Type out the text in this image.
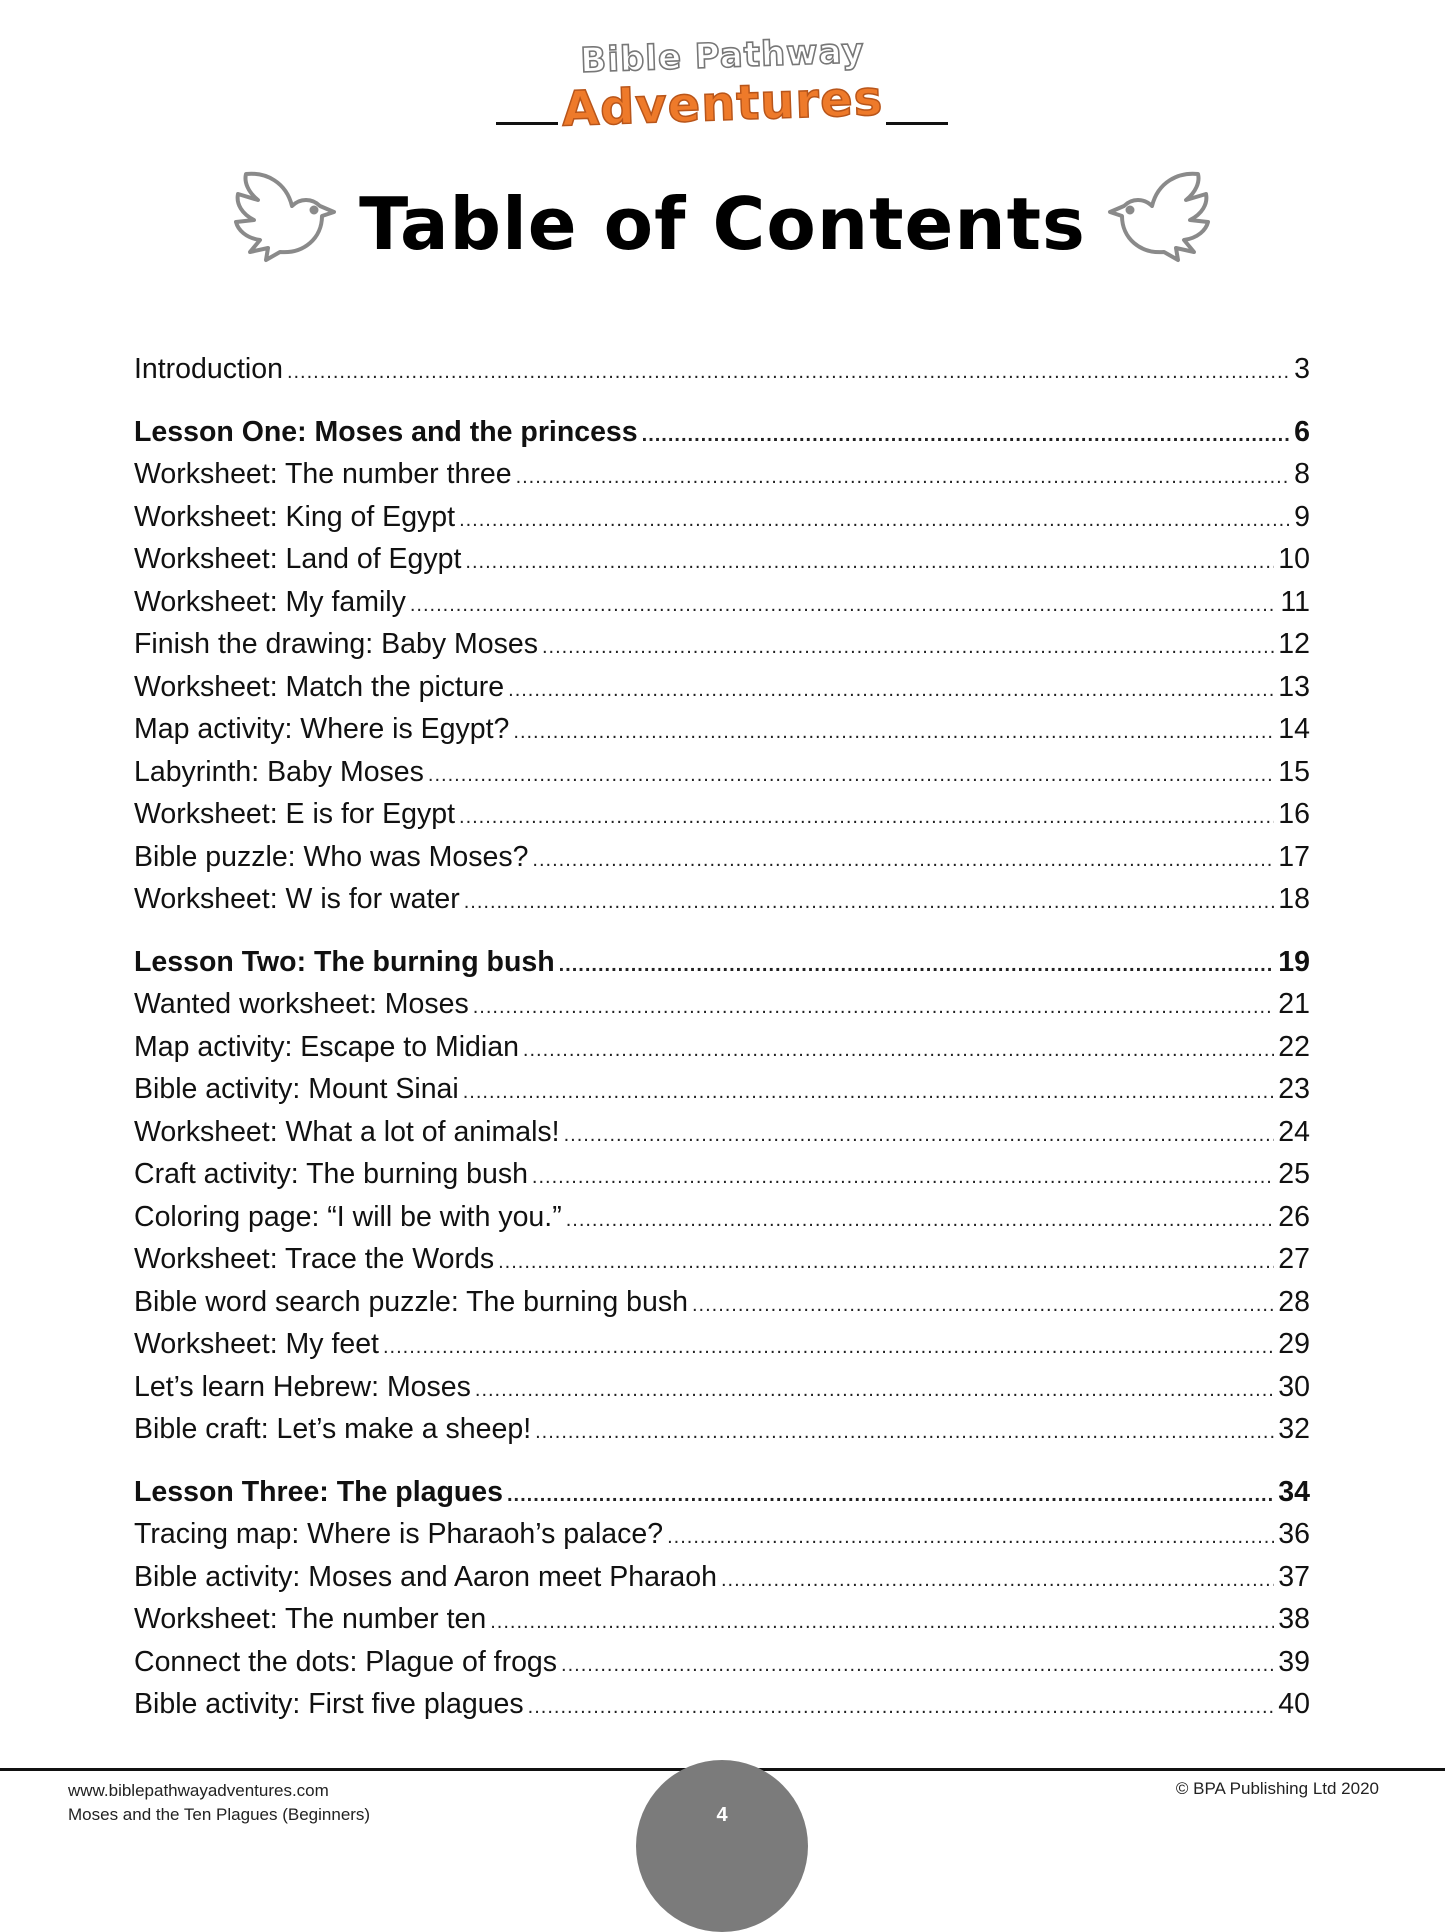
Bible Pathway
Adventures
Table of Contents
Introduction .....	3
Lesson One: Moses and the princess .....	6
Worksheet: The number three .....	8
Worksheet: King of Egypt .....	9
Worksheet: Land of Egypt .....	10
Worksheet: My family .....	11
Finish the drawing: Baby Moses .....	12
Worksheet: Match the picture .....	13
Map activity: Where is Egypt? .....	14
Labyrinth: Baby Moses .....	15
Worksheet: E is for Egypt .....	16
Bible puzzle: Who was Moses? .....	17
Worksheet: W is for water .....	18
Lesson Two: The burning bush .....	19
Wanted worksheet: Moses .....	21
Map activity: Escape to Midian .....	22
Bible activity: Mount Sinai .....	23
Worksheet: What a lot of animals! .....	24
Craft activity: The burning bush .....	25
Coloring page: “I will be with you.” .....	26
Worksheet: Trace the Words .....	27
Bible word search puzzle: The burning bush .....	28
Worksheet: My feet .....	29
Let’s learn Hebrew: Moses .....	30
Bible craft: Let’s make a sheep! .....	32
Lesson Three: The plagues .....	34
Tracing map: Where is Pharaoh’s palace? .....	36
Bible activity: Moses and Aaron meet Pharaoh .....	37
Worksheet: The number ten .....	38
Connect the dots: Plague of frogs .....	39
Bible activity: First five plagues .....	40
www.biblepathwayadventures.com
Moses and the Ten Plagues (Beginners)
© BPA Publishing Ltd 2020
4
